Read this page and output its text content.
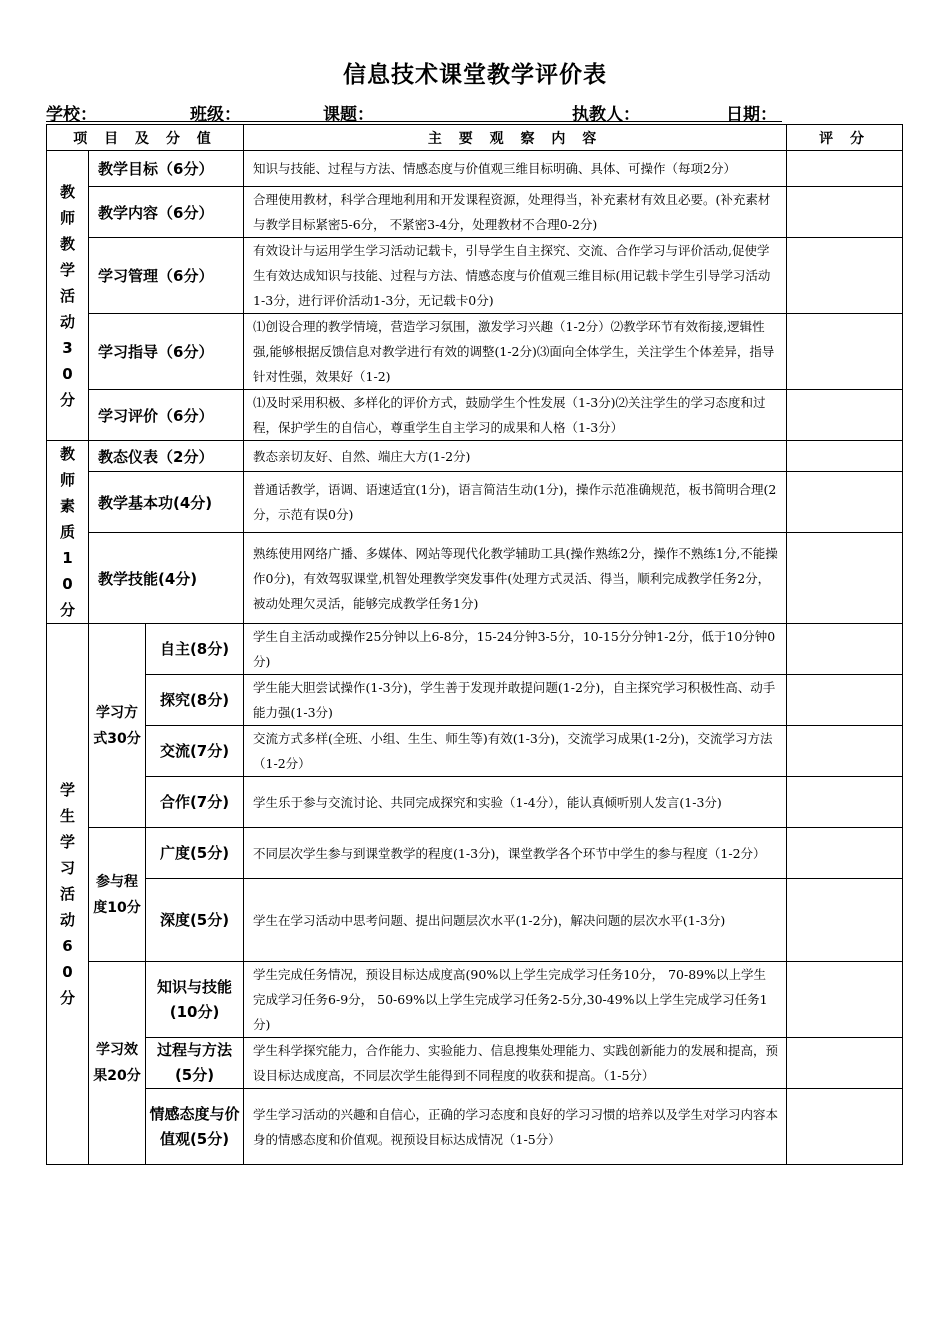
信息技术课堂教学评价表
学校：	班级：	课题：	执教人：	日期：
项 目 及 分 值			主 要 观 察 内 容	评 分
教师教学活动30分	教学目标（6分）		知识与技能、过程与方法、情感态度与价值观三维目标明确、具体、可操作（每项2分）	
	教学内容（6分）		合理使用教材，科学合理地利用和开发课程资源，处理得当，补充素材有效且必要。(补充素材与教学目标紧密5-6分， 不紧密3-4分，处理教材不合理0-2分)	
	学习管理（6分）		有效设计与运用学生学习活动记载卡，引导学生自主探究、交流、合作学习与评价活动,促使学生有效达成知识与技能、过程与方法、情感态度与价值观三维目标(用记载卡学生引导学习活动1-3分，进行评价活动1-3分，无记载卡0分)	
	学习指导（6分）		⑴创设合理的教学情境，营造学习氛围，激发学习兴趣（1-2分）⑵教学环节有效衔接,逻辑性强,能够根据反馈信息对教学进行有效的调整(1-2分)⑶面向全体学生，关注学生个体差异，指导针对性强，效果好（1-2)	
	学习评价（6分）		⑴及时采用积极、多样化的评价方式，鼓励学生个性发展（1-3分)⑵关注学生的学习态度和过程，保护学生的自信心，尊重学生自主学习的成果和人格（1-3分）	
教师素质10分	教态仪表（2分）		教态亲切友好、自然、端庄大方(1-2分)	
	教学基本功(4分)		普通话教学，语调、语速适宜(1分)，语言简洁生动(1分)，操作示范准确规范，板书简明合理(2分，示范有误0分)	
	教学技能(4分)		熟练使用网络广播、多媒体、网站等现代化教学辅助工具(操作熟练2分，操作不熟练1分,不能操作0分)，有效驾驭课堂,机智处理教学突发事件(处理方式灵活、得当，顺利完成教学任务2分，被动处理欠灵活，能够完成教学任务1分)	
学生学习活动60分	学习方式30分	自主(8分)	学生自主活动或操作25分钟以上6-8分，15-24分钟3-5分，10-15分分钟1-2分，低于10分钟0分)	
		探究(8分)	学生能大胆尝试操作(1-3分)，学生善于发现并敢提问题(1-2分)，自主探究学习积极性高、动手能力强(1-3分)	
		交流(7分)	交流方式多样(全班、小组、生生、师生等)有效(1-3分)，交流学习成果(1-2分)，交流学习方法（1-2分）	
		合作(7分)	学生乐于参与交流讨论、共同完成探究和实验（1-4分），能认真倾听别人发言(1-3分)	
	参与程度10分	广度(5分)	不同层次学生参与到课堂教学的程度(1-3分)，课堂教学各个环节中学生的参与程度（1-2分）	
		深度(5分)	学生在学习活动中思考问题、提出问题层次水平(1-2分)，解决问题的层次水平(1-3分)	
	学习效果20分	知识与技能(10分)	学生完成任务情况，预设目标达成度高(90%以上学生完成学习任务10分， 70-89%以上学生完成学习任务6-9分， 50-69%以上学生完成学习任务2-5分,30-49%以上学生完成学习任务1分)	
		过程与方法(5分)	学生科学探究能力，合作能力、实验能力、信息搜集处理能力、实践创新能力的发展和提高，预设目标达成度高，不同层次学生能得到不同程度的收获和提高。（1-5分）	
		情感态度与价值观(5分)	学生学习活动的兴趣和自信心，正确的学习态度和良好的学习习惯的培养以及学生对学习内容本身的情感态度和价值观。视预设目标达成情况（1-5分）	
